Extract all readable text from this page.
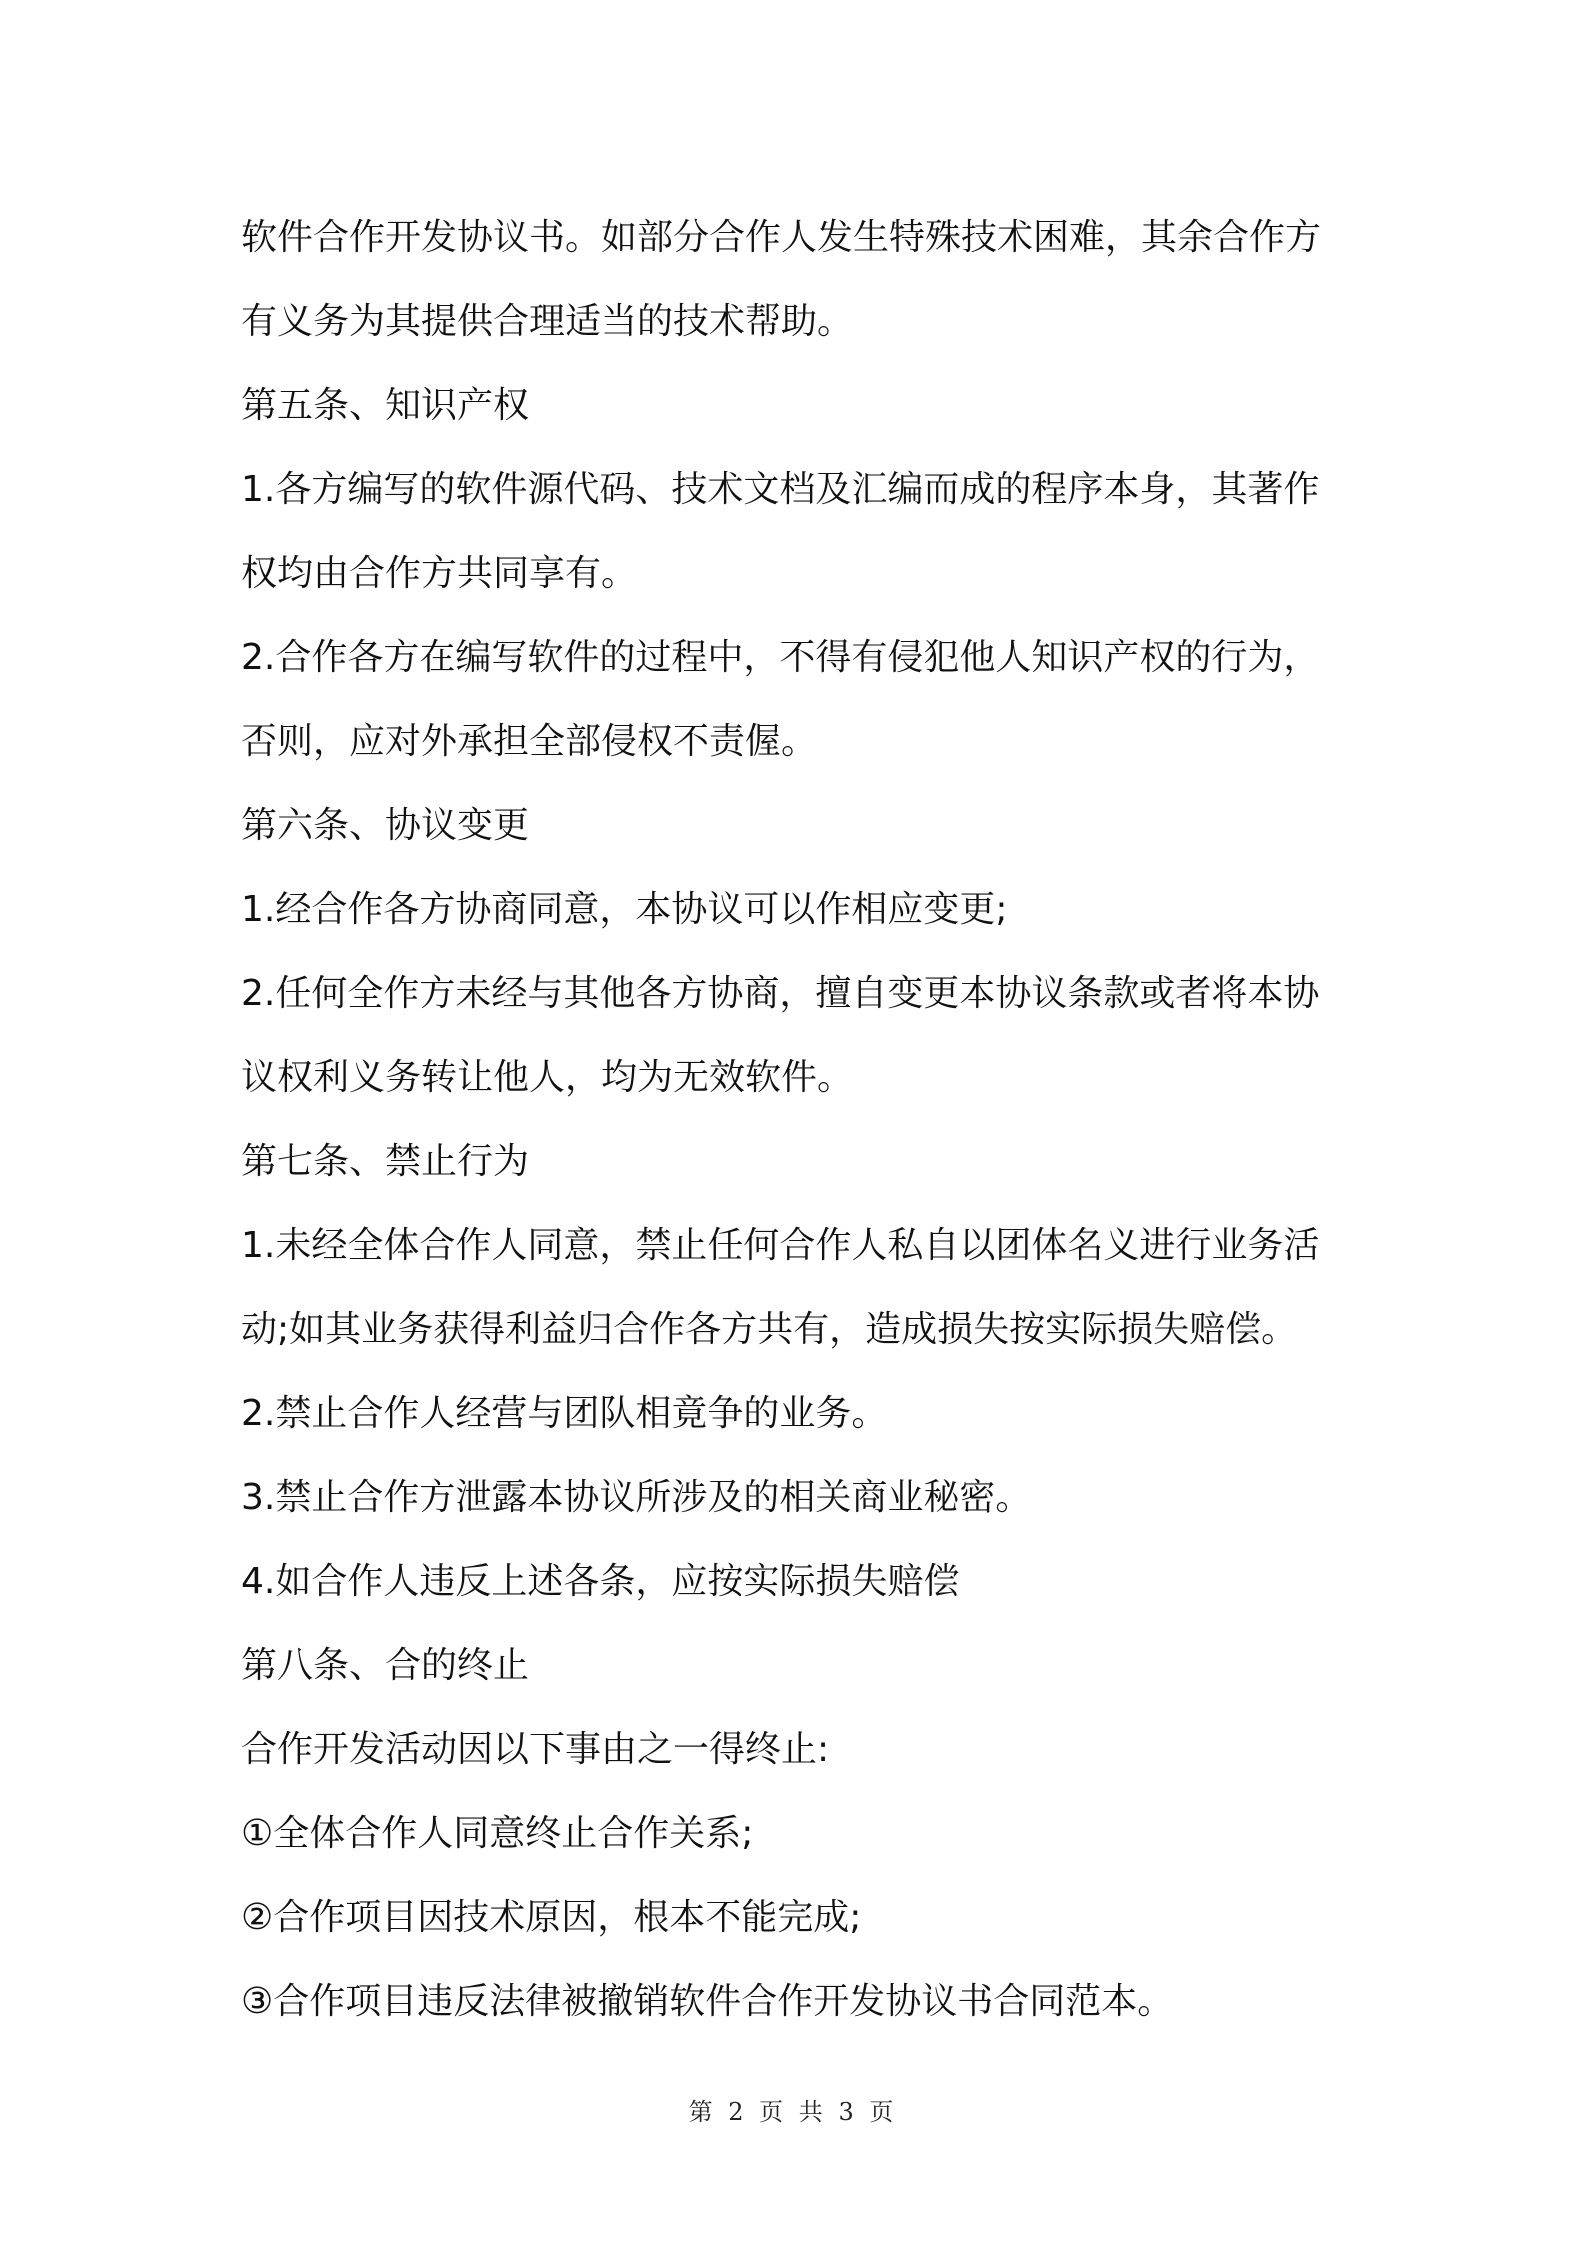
软件合作开发协议书。如部分合作人发生特殊技术困难，其余合作方
有义务为其提供合理适当的技术帮助。
第五条、知识产权
1.各方编写的软件源代码、技术文档及汇编而成的程序本身，其著作
权均由合作方共同享有。
2.合作各方在编写软件的过程中，不得有侵犯他人知识产权的行为，
否则，应对外承担全部侵权不责偓。
第六条、协议变更
1.经合作各方协商同意，本协议可以作相应变更;
2.任何全作方未经与其他各方协商，擅自变更本协议条款或者将本协
议权利义务转让他人，均为无效软件。
第七条、禁止行为
1.未经全体合作人同意，禁止任何合作人私自以团体名义进行业务活
动;如其业务获得利益归合作各方共有，造成损失按实际损失赔偿。
2.禁止合作人经营与团队相竟争的业务。
3.禁止合作方泄露本协议所涉及的相关商业秘密。
4.如合作人违反上述各条，应按实际损失赔偿
第八条、合的终止
合作开发活动因以下事由之一得终止:
①全体合作人同意终止合作关系;
②合作项目因技术原因，根本不能完成;
③合作项目违反法律被撤销软件合作开发协议书合同范本。
第 2 页 共 3 页
